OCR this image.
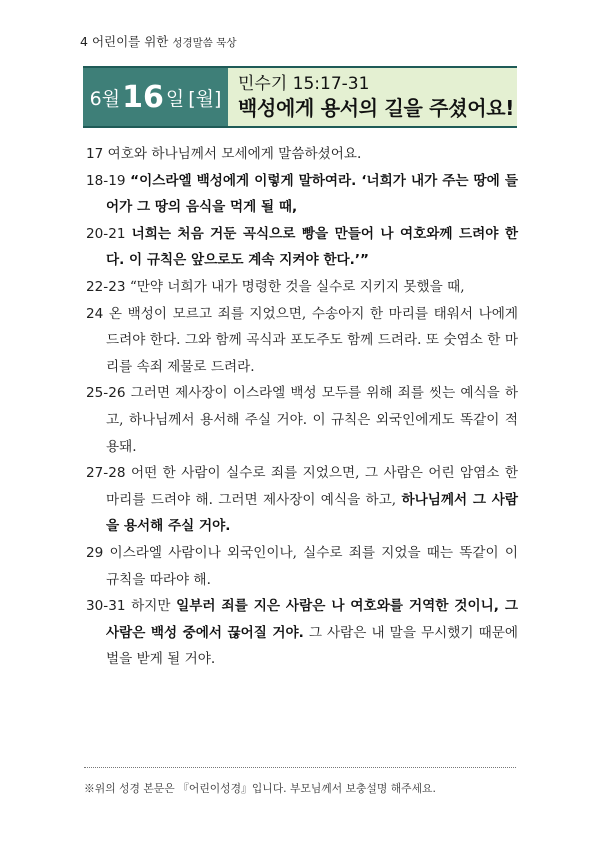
4 어린이를 위한 성경말씀 묵상
6월 16 일 [월]
민수기 15:17-31
백성에게 용서의 길을 주셨어요!

17 여호와 하나님께서 모세에게 말씀하셨어요.

18-19 “이스라엘 백성에게 이렇게 말하여라. ‘너희가 내가 주는 땅에 들어가 그 땅의 음식을 먹게 될 때,

20-21 너희는 처음 거둔 곡식으로 빵을 만들어 나 여호와께 드려야 한다. 이 규칙은 앞으로도 계속 지켜야 한다.’”

22-23 “만약 너희가 내가 명령한 것을 실수로 지키지 못했을 때,

24 온 백성이 모르고 죄를 지었으면, 수송아지 한 마리를 태워서 나에게 드려야 한다. 그와 함께 곡식과 포도주도 함께 드려라. 또 숫염소 한 마리를 속죄 제물로 드려라.

25-26 그러면 제사장이 이스라엘 백성 모두를 위해 죄를 씻는 예식을 하고, 하나님께서 용서해 주실 거야. 이 규칙은 외국인에게도 똑같이 적용돼.

27-28 어떤 한 사람이 실수로 죄를 지었으면, 그 사람은 어린 암염소 한 마리를 드려야 해. 그러면 제사장이 예식을 하고, 하나님께서 그 사람을 용서해 주실 거야.

29 이스라엘 사람이나 외국인이나, 실수로 죄를 지었을 때는 똑같이 이 규칙을 따라야 해.

30-31 하지만 일부러 죄를 지은 사람은 나 여호와를 거역한 것이니, 그 사람은 백성 중에서 끊어질 거야. 그 사람은 내 말을 무시했기 때문에 벌을 받게 될 거야.

※위의 성경 본문은 『어린이성경』입니다. 부모님께서 보충설명 해주세요.
